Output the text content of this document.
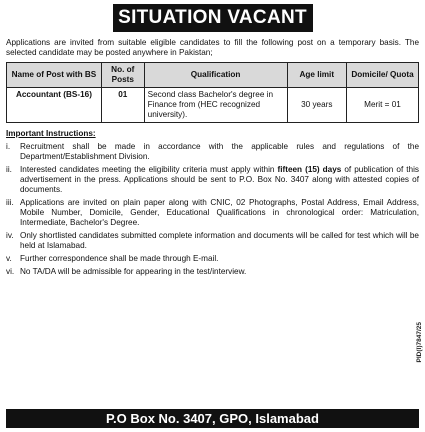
SITUATION VACANT
Applications are invited from suitable eligible candidates to fill the following post on a temporary basis. The selected candidate may be posted anywhere in Pakistan;
Name of Post with BS	No. of Posts	Qualification	Age limit	Domicile/ Quota
Accountant (BS-16)	01	Second class Bachelor's degree in Finance from (HEC recognized university).	30 years	Merit = 01
Important Instructions:
i.	Recruitment shall be made in accordance with the applicable rules and regulations of the Department/Establishment Division.
ii. Interested candidates meeting the eligibility criteria must apply within fifteen (15) days of publication of this advertisement in the press. Applications should be sent to P.O. Box No. 3407 along with attested copies of documents.
iii. Applications are invited on plain paper along with CNIC, 02 Photographs, Postal Address, Email Address, Mobile Number, Domicile, Gender, Educational Qualifications in chronological order: Matriculation, Intermediate, Bachelor's Degree.
iv. Only shortlisted candidates submitted complete information and documents will be called for test which will be held at Islamabad.
v.	Further correspondence shall be made through E-mail.
vi. No TA/DA will be admissible for appearing in the test/interview.
PID(I)7847/25
P.O Box No. 3407, GPO, Islamabad
